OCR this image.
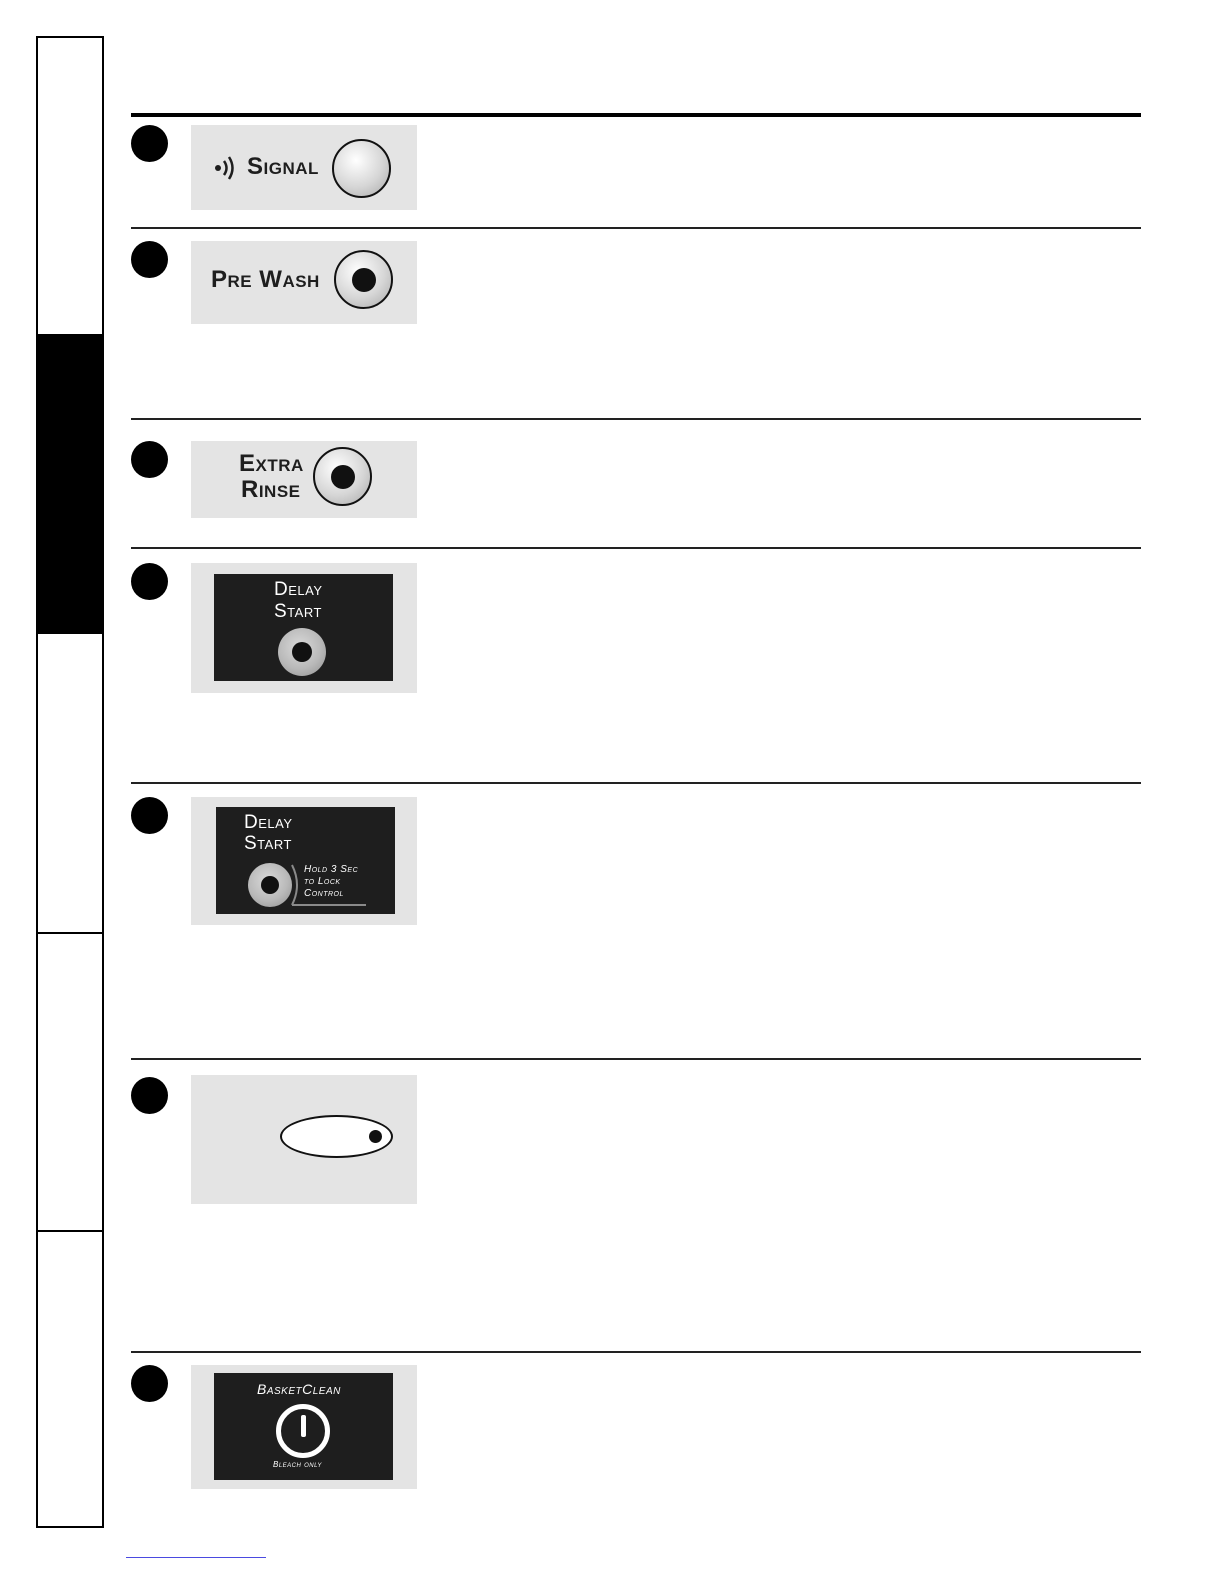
Signal
Pre Wash
Extra
Rinse
Delay
Start
Delay
Start
Hold 3 Sec
to Lock
Control
BasketClean
Bleach only
